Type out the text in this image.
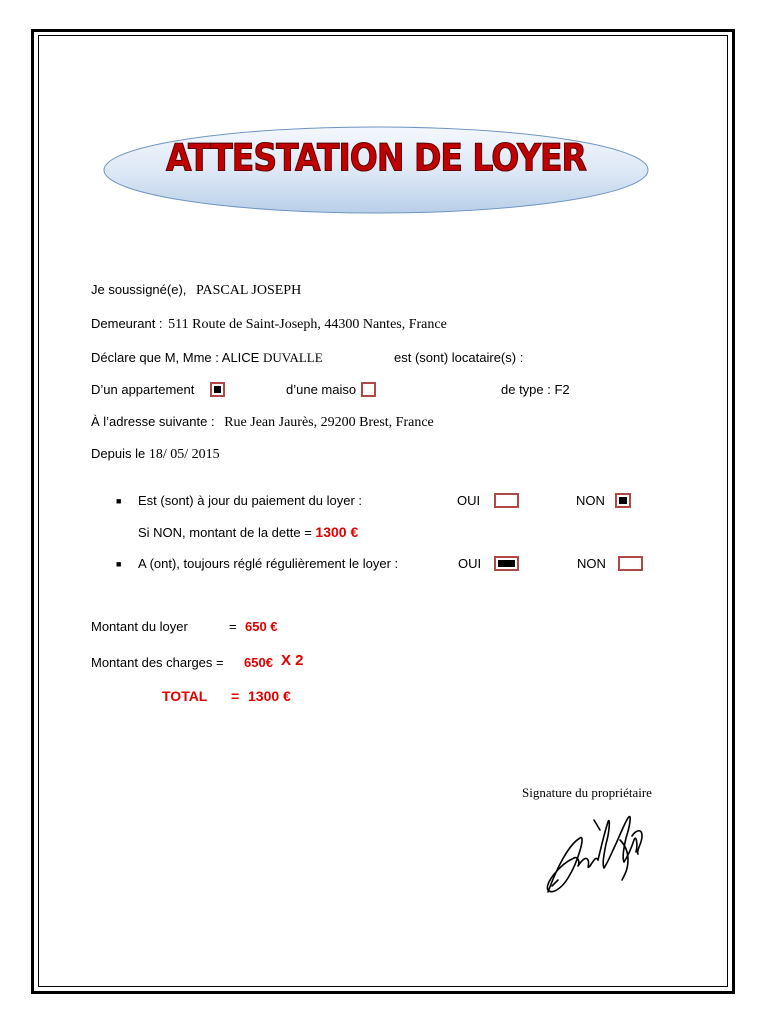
ATTESTATION DE LOYER
Je soussigné(e), PASCAL JOSEPH
Demeurant : 511 Route de Saint-Joseph, 44300 Nantes, France
Déclare que M, Mme : ALICE DUVALLE	est (sont) locataire(s) :
D’un appartement	d’une maiso	de type : F2
À l’adresse suivante : Rue Jean Jaurès, 29200 Brest, France
Depuis le 18/ 05/ 2015
■ Est (sont) à jour du paiement du loyer :	OUI	NON
Si NON, montant de la dette = 1300 €
■ A (ont), toujours réglé régulièrement le loyer :	OUI	NON
Montant du loyer	= 650 €
Montant des charges = 650€ X 2
TOTAL = 1300 €
Signature du propriétaire
